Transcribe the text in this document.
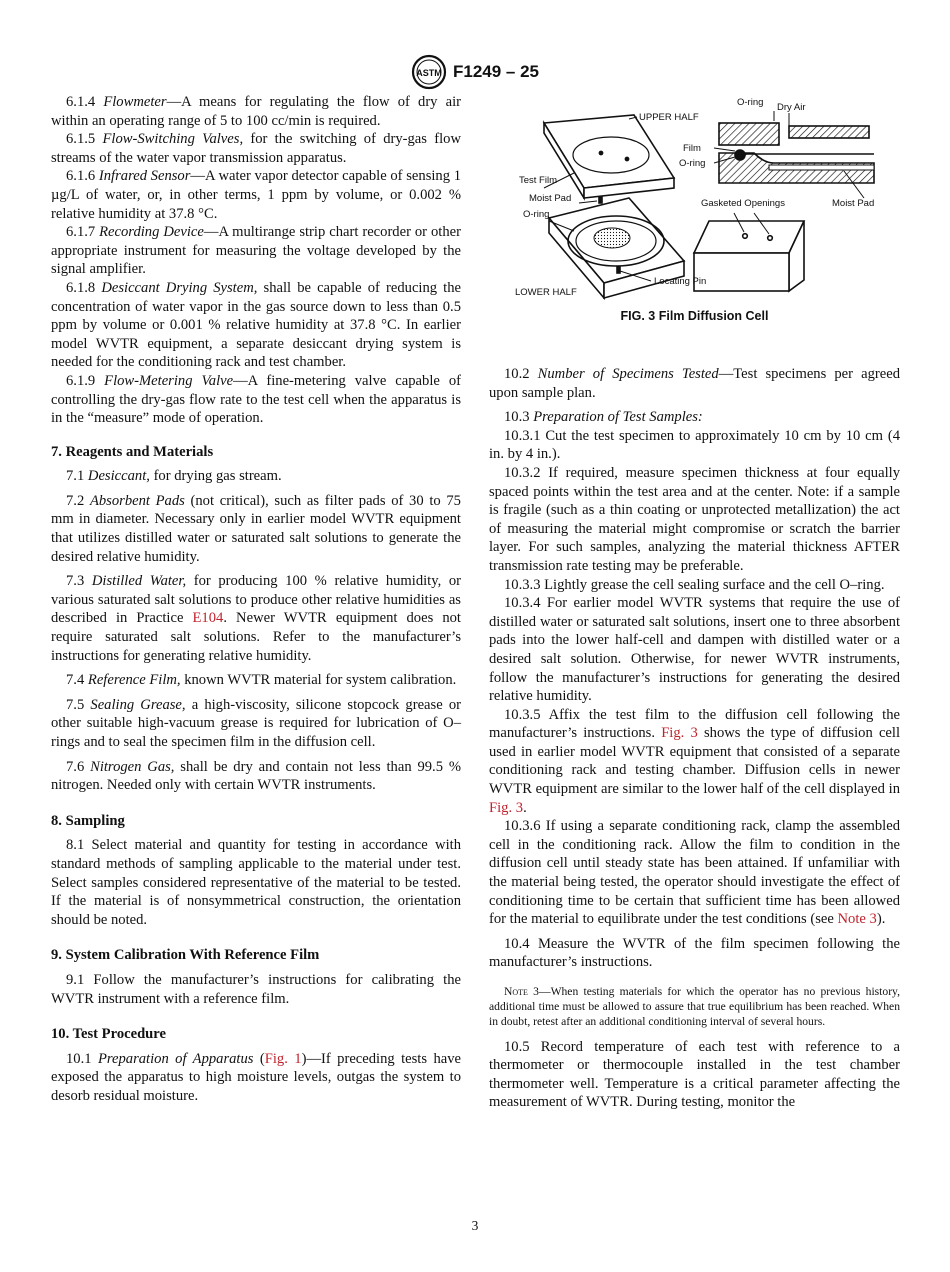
ASTM F1249 – 25

6.1.4 Flowmeter—A means for regulating the flow of dry air within an operating range of 5 to 100 cc/min is required.

6.1.5 Flow-Switching Valves, for the switching of dry-gas flow streams of the water vapor transmission apparatus.

6.1.6 Infrared Sensor—A water vapor detector capable of sensing 1 µg/L of water, or, in other terms, 1 ppm by volume, or 0.002 % relative humidity at 37.8 °C.

6.1.7 Recording Device—A multirange strip chart recorder or other appropriate instrument for measuring the voltage developed by the signal amplifier.

6.1.8 Desiccant Drying System, shall be capable of reducing the concentration of water vapor in the gas source down to less than 0.5 ppm by volume or 0.001 % relative humidity at 37.8 °C. In earlier model WVTR equipment, a separate desiccant drying system is needed for the conditioning rack and test chamber.

6.1.9 Flow-Metering Valve—A fine-metering valve capable of controlling the dry-gas flow rate to the test cell when the apparatus is in the “measure” mode of operation.

7. Reagents and Materials

7.1 Desiccant, for drying gas stream.

7.2 Absorbent Pads (not critical), such as filter pads of 30 to 75 mm in diameter. Necessary only in earlier model WVTR equipment that utilizes distilled water or saturated salt solutions to generate the desired relative humidity.

7.3 Distilled Water, for producing 100 % relative humidity, or various saturated salt solutions to produce other relative humidities as described in Practice E104. Newer WVTR equipment does not require saturated salt solutions. Refer to the manufacturer’s instructions for generating relative humidity.

7.4 Reference Film, known WVTR material for system calibration.

7.5 Sealing Grease, a high-viscosity, silicone stopcock grease or other suitable high-vacuum grease is required for lubrication of O–rings and to seal the specimen film in the diffusion cell.

7.6 Nitrogen Gas, shall be dry and contain not less than 99.5 % nitrogen. Needed only with certain WVTR instruments.

8. Sampling

8.1 Select material and quantity for testing in accordance with standard methods of sampling applicable to the material under test. Select samples considered representative of the material to be tested. If the material is of nonsymmetrical construction, the orientation should be noted.

9. System Calibration With Reference Film

9.1 Follow the manufacturer’s instructions for calibrating the WVTR instrument with a reference film.

10. Test Procedure

10.1 Preparation of Apparatus (Fig. 1)—If preceding tests have exposed the apparatus to high moisture levels, outgas the system to desorb residual moisture.

UPPER HALF
O-ring Dry Air
Film
O-ring
Test Film
Moist Pad
O-ring
Gasketed Openings	Moist Pad
Locating Pin
LOWER HALF
FIG. 3 Film Diffusion Cell

10.2 Number of Specimens Tested—Test specimens per agreed upon sample plan.

10.3 Preparation of Test Samples:

10.3.1 Cut the test specimen to approximately 10 cm by 10 cm (4 in. by 4 in.).

10.3.2 If required, measure specimen thickness at four equally spaced points within the test area and at the center. Note: if a sample is fragile (such as a thin coating or unprotected metallization) the act of measuring the material might compromise or scratch the barrier layer. For such samples, analyzing the material thickness AFTER transmission rate testing may be preferable.

10.3.3 Lightly grease the cell sealing surface and the cell O–ring.

10.3.4 For earlier model WVTR systems that require the use of distilled water or saturated salt solutions, insert one to three absorbent pads into the lower half-cell and dampen with distilled water or a desired salt solution. Otherwise, for newer WVTR instruments, follow the manufacturer’s instructions for generating the desired relative humidity.

10.3.5 Affix the test film to the diffusion cell following the manufacturer’s instructions. Fig. 3 shows the type of diffusion cell used in earlier model WVTR equipment that consisted of a separate conditioning rack and testing chamber. Diffusion cells in newer WVTR equipment are similar to the lower half of the cell displayed in Fig. 3.

10.3.6 If using a separate conditioning rack, clamp the assembled cell in the conditioning rack. Allow the film to condition in the diffusion cell until steady state has been attained. If unfamiliar with the material being tested, the operator should investigate the effect of conditioning time to be certain that sufficient time has been allowed for the material to equilibrate under the test conditions (see Note 3).

10.4 Measure the WVTR of the film specimen following the manufacturer’s instructions.

Note 3—When testing materials for which the operator has no previous history, additional time must be allowed to assure that true equilibrium has been reached. When in doubt, retest after an additional conditioning interval of several hours.

10.5 Record temperature of each test with reference to a thermometer or thermocouple installed in the test chamber thermometer well. Temperature is a critical parameter affecting the measurement of WVTR. During testing, monitor the

3
